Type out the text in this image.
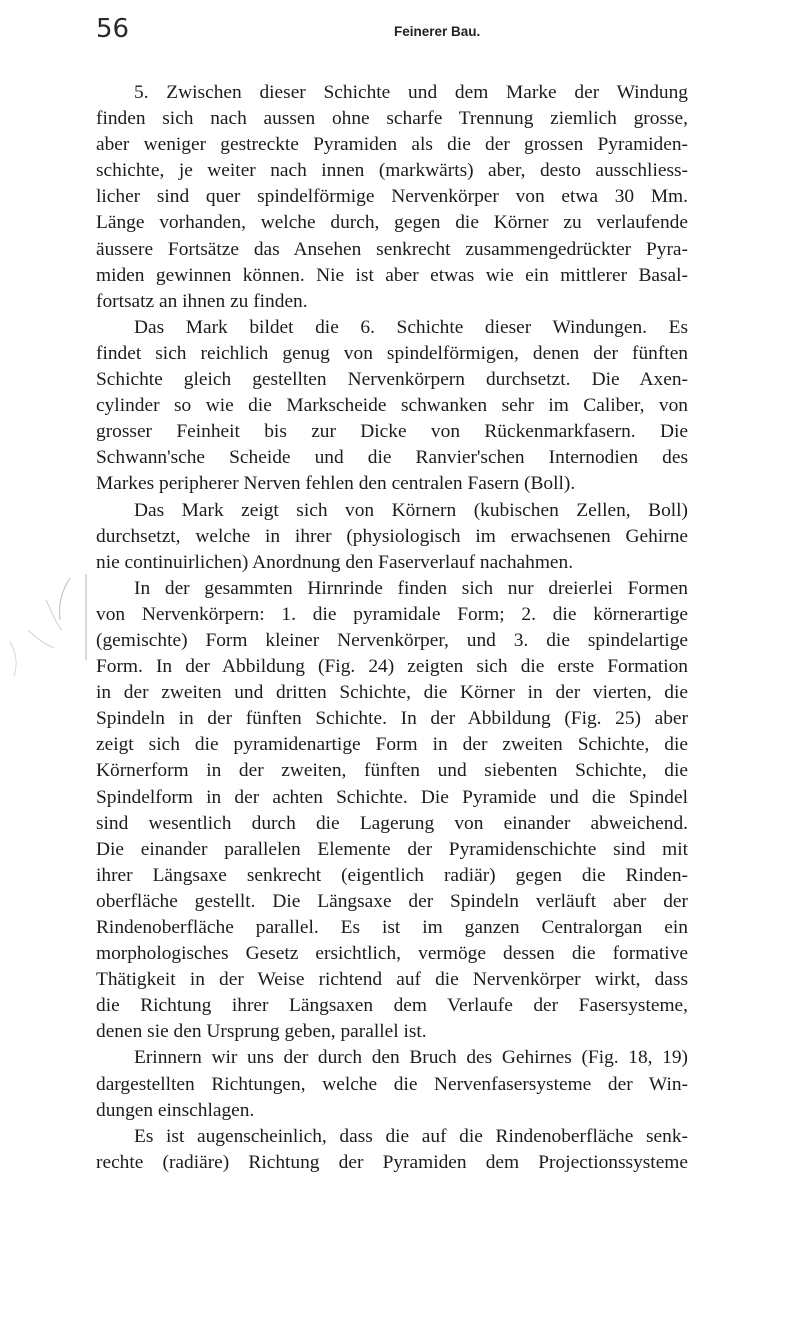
56	Feinerer Bau.
5. Zwischen dieser Schichte und dem Marke der Windung
finden sich nach aussen ohne scharfe Trennung ziemlich grosse,
aber weniger gestreckte Pyramiden als die der grossen Pyramiden-
schichte, je weiter nach innen (markwärts) aber, desto ausschliess-
licher sind quer spindelförmige Nervenkörper von etwa 30 Mm.
Länge vorhanden, welche durch, gegen die Körner zu verlaufende
äussere Fortsätze das Ansehen senkrecht zusammengedrückter Pyra-
miden gewinnen können. Nie ist aber etwas wie ein mittlerer Basal-
fortsatz an ihnen zu finden.
Das Mark bildet die 6. Schichte dieser Windungen. Es
findet sich reichlich genug von spindelförmigen, denen der fünften
Schichte gleich gestellten Nervenkörpern durchsetzt. Die Axen-
cylinder so wie die Markscheide schwanken sehr im Caliber, von
grosser Feinheit bis zur Dicke von Rückenmarkfasern. Die
Schwann'sche Scheide und die Ranvier'schen Internodien des
Markes peripherer Nerven fehlen den centralen Fasern (Boll).
Das Mark zeigt sich von Körnern (kubischen Zellen, Boll)
durchsetzt, welche in ihrer (physiologisch im erwachsenen Gehirne
nie continuirlichen) Anordnung den Faserverlauf nachahmen.
In der gesammten Hirnrinde finden sich nur dreierlei Formen
von Nervenkörpern: 1. die pyramidale Form; 2. die körnerartige
(gemischte) Form kleiner Nervenkörper, und 3. die spindelartige
Form. In der Abbildung (Fig. 24) zeigten sich die erste Formation
in der zweiten und dritten Schichte, die Körner in der vierten, die
Spindeln in der fünften Schichte. In der Abbildung (Fig. 25) aber
zeigt sich die pyramidenartige Form in der zweiten Schichte, die
Körnerform in der zweiten, fünften und siebenten Schichte, die
Spindelform in der achten Schichte. Die Pyramide und die Spindel
sind wesentlich durch die Lagerung von einander abweichend.
Die einander parallelen Elemente der Pyramidenschichte sind mit
ihrer Längsaxe senkrecht (eigentlich radiär) gegen die Rinden-
oberfläche gestellt. Die Längsaxe der Spindeln verläuft aber der
Rindenoberfläche parallel. Es ist im ganzen Centralorgan ein
morphologisches Gesetz ersichtlich, vermöge dessen die formative
Thätigkeit in der Weise richtend auf die Nervenkörper wirkt, dass
die Richtung ihrer Längsaxen dem Verlaufe der Fasersysteme,
denen sie den Ursprung geben, parallel ist.
Erinnern wir uns der durch den Bruch des Gehirnes (Fig. 18, 19)
dargestellten Richtungen, welche die Nervenfasersysteme der Win-
dungen einschlagen.
Es ist augenscheinlich, dass die auf die Rindenoberfläche senk-
rechte (radiäre) Richtung der Pyramiden dem Projectionssysteme
